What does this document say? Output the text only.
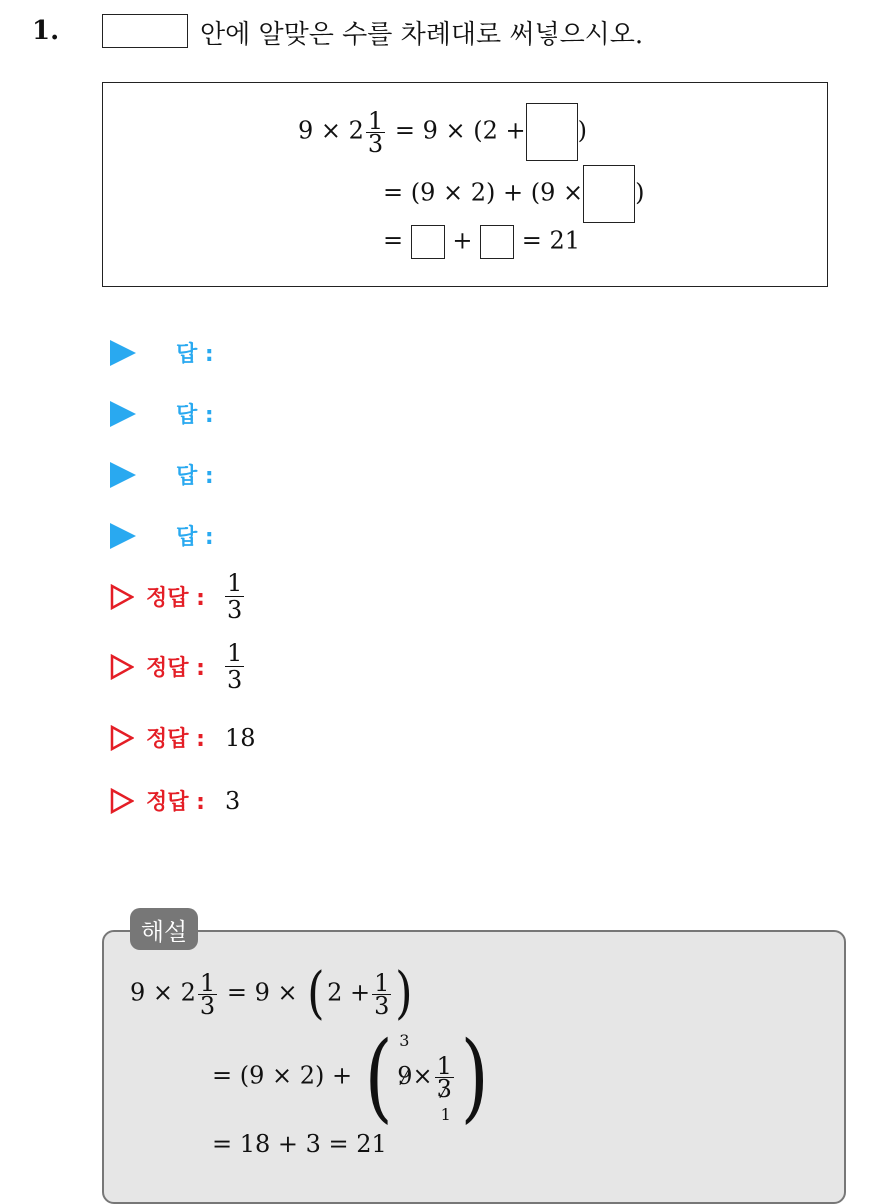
1.	안에 알맞은 수를 차례대로 써넣으시오.
$9 \times 2 \frac{1}{3} = 9 \times (2$ + )
= (9 × 2) + (9 × )
= + = 21
답 :
답 :
답 :
답 :
정답 : $\frac{1}{3}$
정답 : $\frac{1}{3}$
정답 : 18
정답 : 3
$9 \times 2 \frac{1}{3} = 9 \times (2 + \frac{1}{3}$ )
= (9 × 2) + ( 3
9× 1
3
1 )
= 18 + 3 = 21
해설
